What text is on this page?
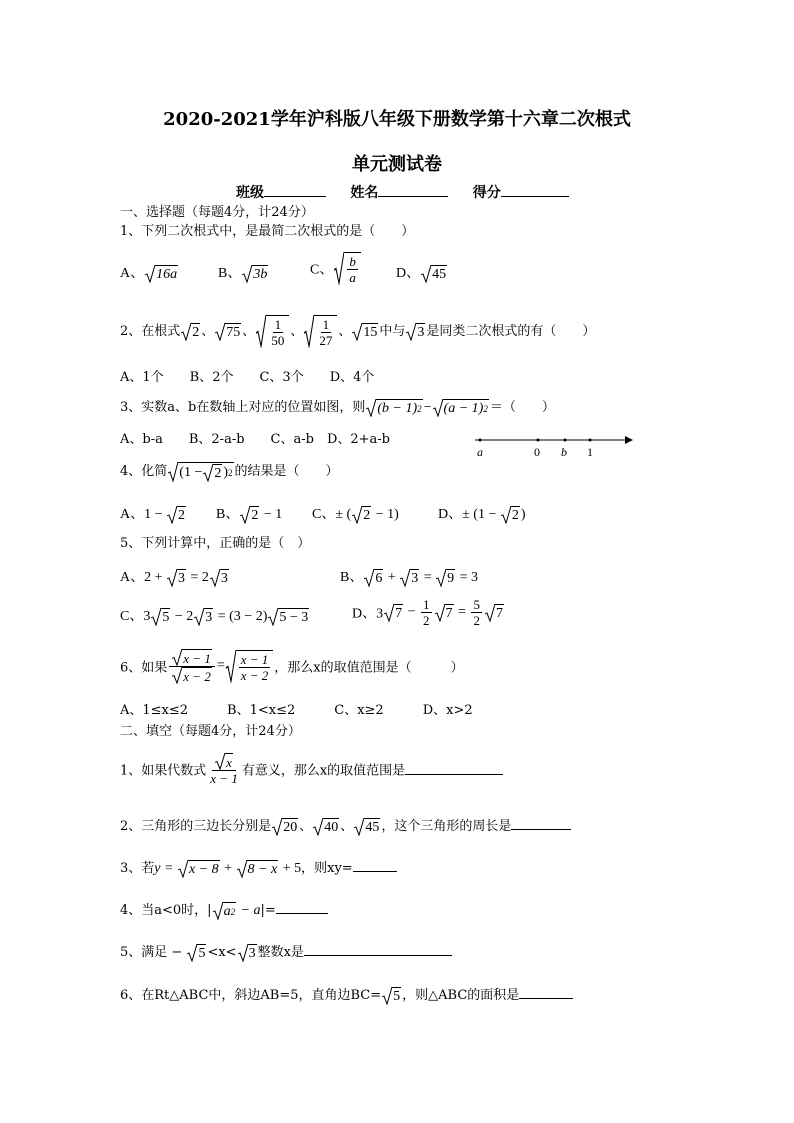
2020-2021学年沪科版八年级下册数学第十六章二次根式
单元测试卷
班级	姓名	得分
一、选择题（每题4分，计24分）
1、下列二次根式中，是最简二次根式的是（　　）
A、 16a	B、 3b	C、
b
a	D、 45
2、在根式 2 、 75 、 1
50
、 1
27
、 15 中与 3 是同类二次根式的有（　　）
A、1个　　B、2个　　C、3个　　D、4个
3、实数a、b在数轴上对应的位置如图，则 (b − 1) 2 − (a − 1) 2 ＝（　　）
A、b-a　　B、2-a-b　　C、a-b　D、2+a-b
a	0 b 1
4、化简 (1 − 2 ) 2 的结果是（　　）
A、1 − 2 B、 2 − 1 C、± ( 2 − 1)	D、± (1 − 2 )
5、下列计算中，正确的是（　）
A、2 + 3 = 2 3	B、 6 + 3 = 9 = 3
C、3 5 − 2 3 = (3 − 2) 5 − 3	D、3 $7 - \frac{1}{2} 7 = \frac{5}{2} 7$
6、如果 $\frac{x - 1}{x - 2} = x - 1$
x − 2 ，那么x的取值范围是（　　　）
A、1≤x≤2　　　B、1<x≤2　　　C、x≥2　　　D、x>2
二、填空（每题4分，计24分）
1、如果代数式 $\frac{x}{x - 1}$ 有意义，那么x的取值范围是
2、三角形的三边长分别是 20 、 40 、 45 ，这个三角形的周长是
3、若y = x − 8 + 8 − x + 5，则xy=
4、当a<0时，| a 2 − a|=
5、满足 − 5 <x< 3 整数x是
6、在Rt△ABC中，斜边AB=5，直角边BC= 5 ，则△ABC的面积是
